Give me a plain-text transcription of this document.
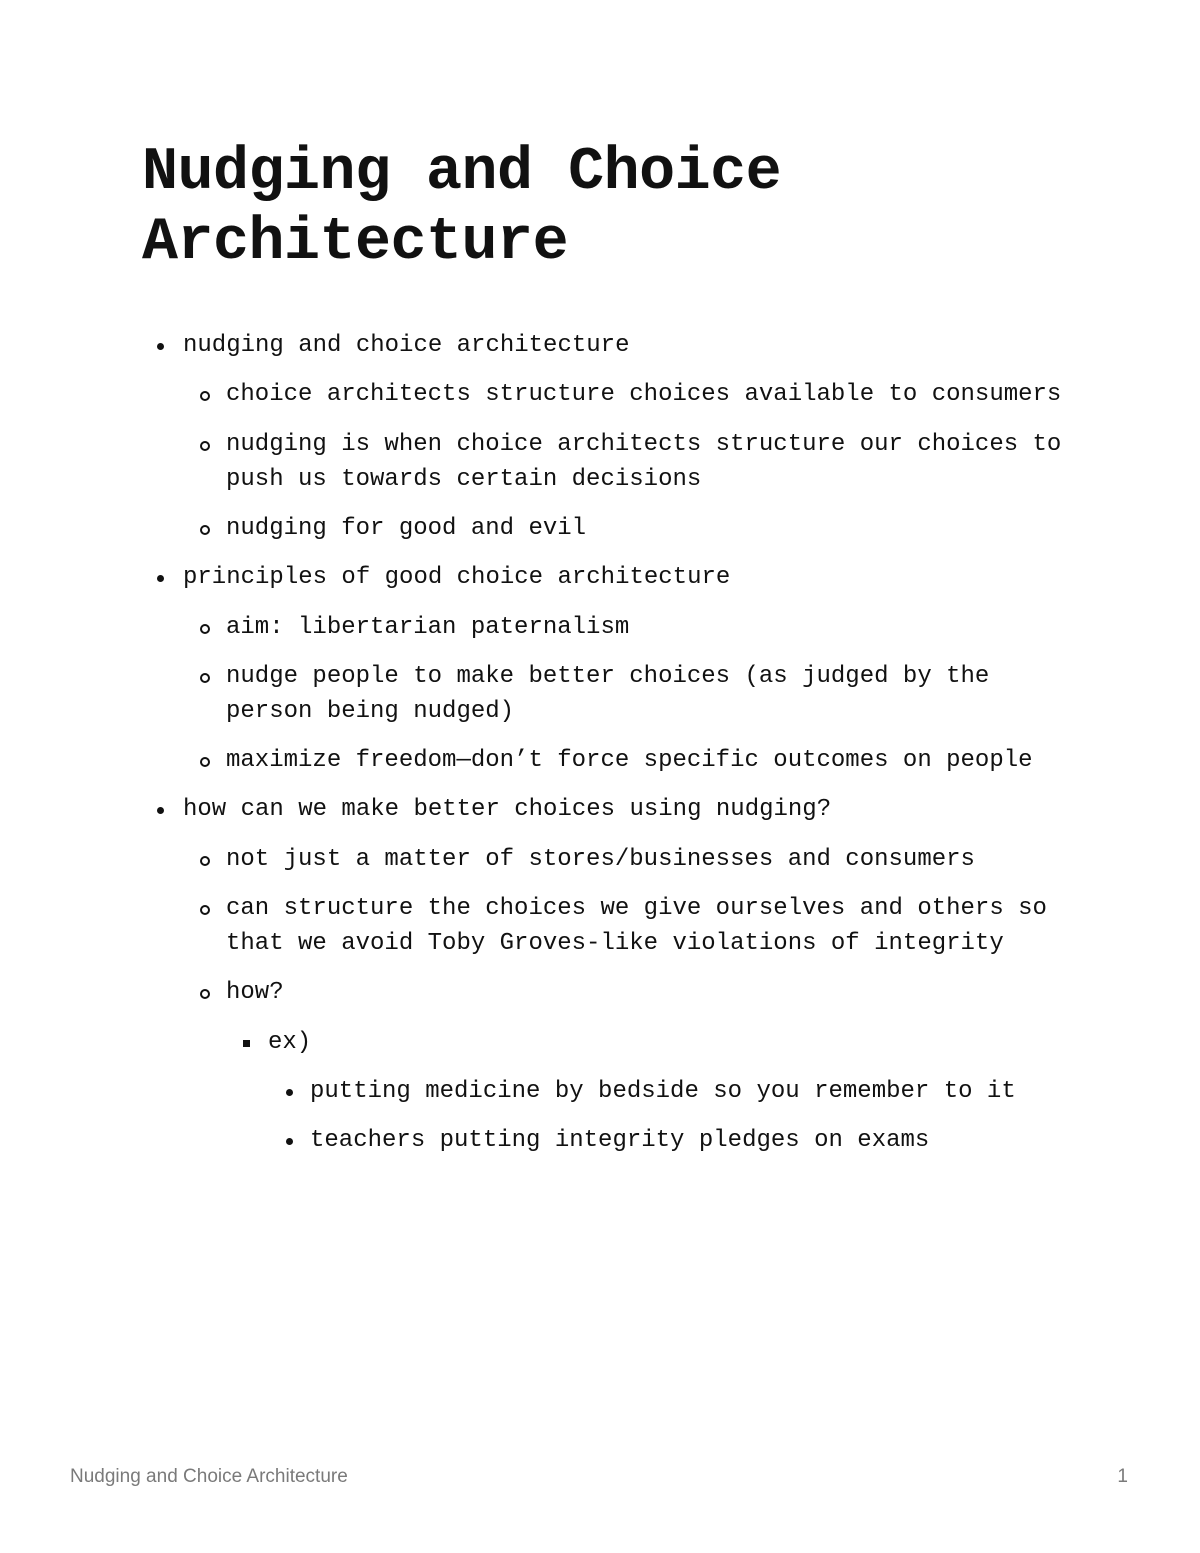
Nudging and Choice Architecture
nudging and choice architecture
choice architects structure choices available to consumers
nudging is when choice architects structure our choices to
push us towards certain decisions
nudging for good and evil
principles of good choice architecture
aim: libertarian paternalism
nudge people to make better choices (as judged by the
person being nudged)
maximize freedom—don’t force specific outcomes on people
how can we make better choices using nudging?
not just a matter of stores/businesses and consumers
can structure the choices we give ourselves and others so
that we avoid Toby Groves-like violations of integrity
how?
ex)
putting medicine by bedside so you remember to it
teachers putting integrity pledges on exams
Nudging and Choice Architecture	1
